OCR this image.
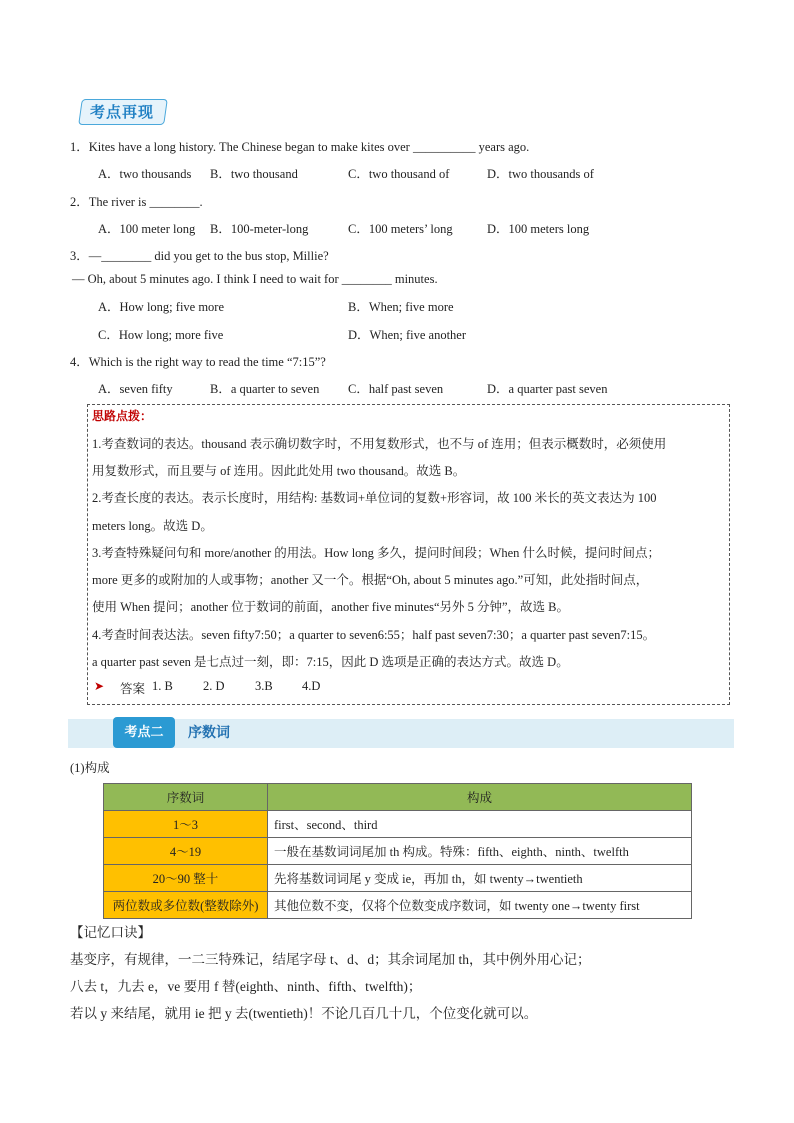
考点再现
1．Kites have a long history. The Chinese began to make kites over __________ years ago.
A．two thousands B．two thousand	C．two thousand of	D．two thousands of
2．The river is ________.
A．100 meter long B．100-meter-long	C．100 meters’ long	D．100 meters long
3．—________ did you get to the bus stop, Millie?
— Oh, about 5 minutes ago. I think I need to wait for ________ minutes.
A．How long; five more	B．When; five more
C．How long; more five	D．When; five another
4．Which is the right way to read the time “7:15”?
A．seven fifty	B．a quarter to seven C．half past seven	D．a quarter past seven
思路点拨：
1.考查数词的表达。thousand 表示确切数字时，不用复数形式，也不与 of 连用；但表示概数时，必须使用
用复数形式，而且要与 of 连用。因此此处用 two thousand。故选 B。
2.考查长度的表达。表示长度时，用结构: 基数词+单位词的复数+形容词，故 100 米长的英文表达为 100
meters long。故选 D。
3.考查特殊疑问句和 more/another 的用法。How long 多久，提问时间段；When 什么时候，提问时间点；
more 更多的或附加的人或事物；another 又一个。根据“Oh, about 5 minutes ago.”可知，此处指时间点，
使用 When 提问；another 位于数词的前面，another five minutes“另外 5 分钟”，故选 B。
4.考查时间表达法。seven fifty7:50；a quarter to seven6:55；half past seven7:30；a quarter past seven7:15。
a quarter past seven 是七点过一刻，即：7:15，因此 D 选项是正确的表达方式。故选 D。
➤ 答案 1. B 2. D 3.B 4.D
考点二	序数词
(1)构成
序数词	构成
1～3	first、second、third
4～19	一般在基数词词尾加 th 构成。特殊：fifth、eighth、ninth、twelfth
20～90 整十	先将基数词词尾 y 变成 ie，再加 th，如 twenty→twentieth
两位数或多位数(整数除外)	其他位数不变，仅将个位数变成序数词，如 twenty one→twenty first
【记忆口诀】
基变序，有规律，一二三特殊记，结尾字母 t、d、d；其余词尾加 th，其中例外用心记；
八去 t，九去 e，ve 要用 f 替(eighth、ninth、fifth、twelfth)；
若以 y 来结尾，就用 ie 把 y 去(twentieth)！不论几百几十几，个位变化就可以。
